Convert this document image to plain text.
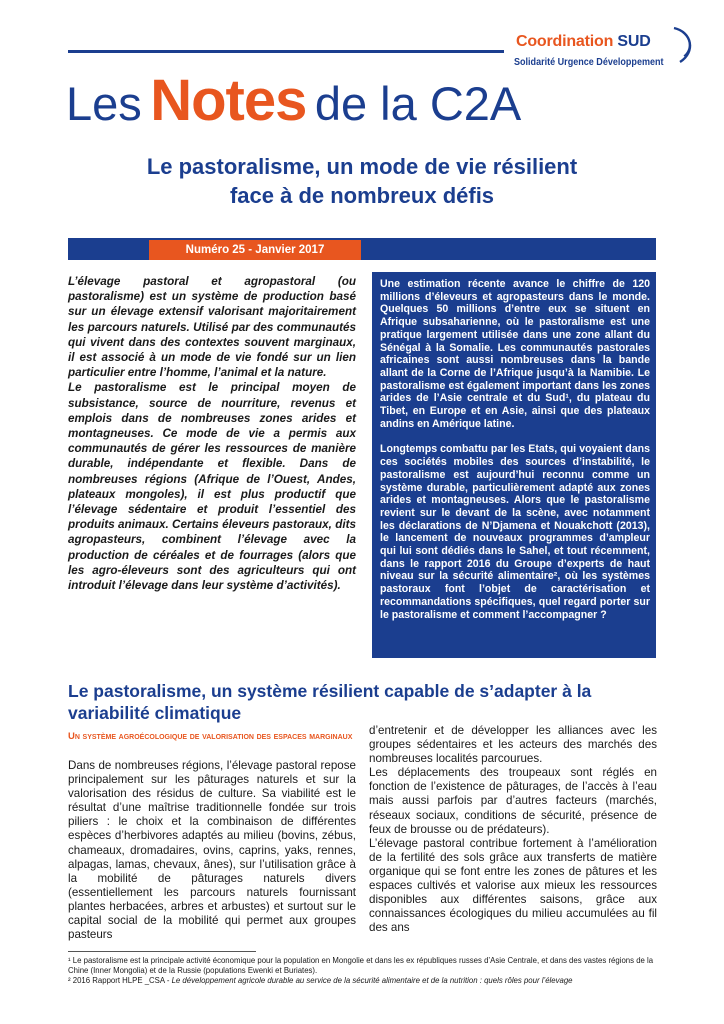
Coordination SUD
Solidarité Urgence Développement
Les Notes de la C2A
Le pastoralisme, un mode de vie résilient
face à de nombreux défis
Numéro 25 - Janvier 2017

L’élevage pastoral et agropastoral (ou pastoralisme) est un système de production basé sur un élevage extensif valorisant majoritairement les parcours naturels. Utilisé par des communautés qui vivent dans des contextes souvent marginaux, il est associé à un mode de vie fondé sur un lien particulier entre l’homme, l’animal et la nature.

Le pastoralisme est le principal moyen de subsistance, source de nourriture, revenus et emplois dans de nombreuses zones arides et montagneuses. Ce mode de vie a permis aux communautés de gérer les ressources de manière durable, indépendante et flexible. Dans de nombreuses régions (Afrique de l’Ouest, Andes, plateaux mongoles), il est plus productif que l’élevage sédentaire et produit l’essentiel des produits animaux. Certains éleveurs pastoraux, dits agropasteurs, combinent l’élevage avec la production de céréales et de fourrages (alors que les agro-éleveurs sont des agriculteurs qui ont introduit l’élevage dans leur système d’activités).

Une estimation récente avance le chiffre de 120 millions d’éleveurs et agropasteurs dans le monde. Quelques 50 millions d’entre eux se situent en Afrique subsaharienne, où le pastoralisme est une pratique largement utilisée dans une zone allant du Sénégal à la Somalie. Les communautés pastorales africaines sont aussi nombreuses dans la bande allant de la Corne de l’Afrique jusqu’à la Namibie. Le pastoralisme est également important dans les zones arides de l’Asie centrale et du Sud¹, du plateau du Tibet, en Europe et en Asie, ainsi que des plateaux andins en Amérique latine.

Longtemps combattu par les Etats, qui voyaient dans ces sociétés mobiles des sources d’instabilité, le pastoralisme est aujourd’hui reconnu comme un système durable, particulièrement adapté aux zones arides et montagneuses. Alors que le pastoralisme revient sur le devant de la scène, avec notamment les déclarations de N’Djamena et Nouakchott (2013), le lancement de nouveaux programmes d’ampleur qui lui sont dédiés dans le Sahel, et tout récemment, dans le rapport 2016 du Groupe d’experts de haut niveau sur la sécurité alimentaire², où les systèmes pastoraux font l’objet de caractérisation et recommandations spécifiques, quel regard porter sur le pastoralisme et comment l’accompagner ?

Le pastoralisme, un système résilient capable de s’adapter à la variabilité climatique
Un système agroécologique de valorisation des espaces marginaux
Dans de nombreuses régions, l’élevage pastoral repose principalement sur les pâturages naturels et sur la valorisation des résidus de culture. Sa viabilité est le résultat d’une maîtrise traditionnelle fondée sur trois piliers : le choix et la combinaison de différentes espèces d’herbivores adaptés au milieu (bovins, zébus, chameaux, dromadaires, ovins, caprins, yaks, rennes, alpagas, lamas, chevaux, ânes), sur l’utilisation grâce à la mobilité de pâturages naturels divers (essentiellement les parcours naturels fournissant plantes herbacées, arbres et arbustes) et surtout sur le capital social de la mobilité qui permet aux groupes pasteurs

d’entretenir et de développer les alliances avec les groupes sédentaires et les acteurs des marchés des nombreuses localités parcourues.

Les déplacements des troupeaux sont réglés en fonction de l’existence de pâturages, de l’accès à l’eau mais aussi parfois par d’autres facteurs (marchés, réseaux sociaux, conditions de sécurité, présence de feux de brousse ou de prédateurs).

L’élevage pastoral contribue fortement à l’amélioration de la fertilité des sols grâce aux transferts de matière organique qui se font entre les zones de pâtures et les espaces cultivés et valorise aux mieux les ressources disponibles aux différentes saisons, grâce aux connaissances écologiques du milieu accumulées au fil des ans

¹ Le pastoralisme est la principale activité économique pour la population en Mongolie et dans les ex républiques russes d’Asie Centrale, et dans des vastes régions de la Chine (Inner Mongolia) et de la Russie (populations Ewenki et Buriates).

² 2016 Rapport HLPE _CSA - Le développement agricole durable au service de la sécurité alimentaire et de la nutrition : quels rôles pour l’élevage
